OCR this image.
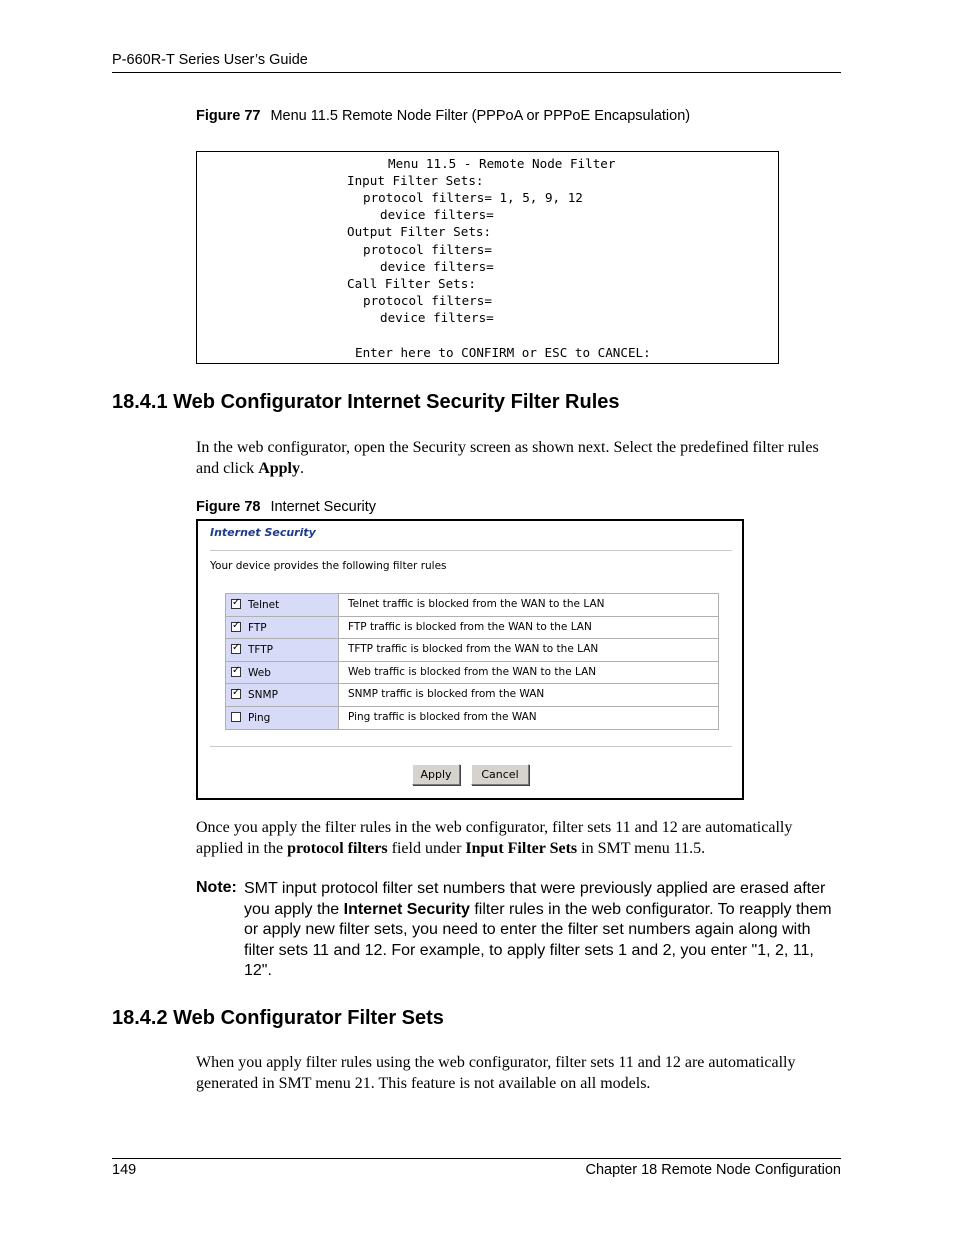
P-660R-T Series User’s Guide
Figure 77 Menu 11.5 Remote Node Filter (PPPoA or PPPoE Encapsulation)
Menu 11.5 - Remote Node Filter
Input Filter Sets:
protocol filters= 1, 5, 9, 12
device filters=
Output Filter Sets:
protocol filters=
device filters=
Call Filter Sets:
protocol filters=
device filters=
Enter here to CONFIRM or ESC to CANCEL:
18.4.1 Web Configurator Internet Security Filter Rules
In the web configurator, open the Security screen as shown next. Select the predefined filter rules and click Apply.
Figure 78 Internet Security
Internet Security
Your device provides the following filter rules
✓ Telnet	Telnet traffic is blocked from the WAN to the LAN
✓ FTP	FTP traffic is blocked from the WAN to the LAN
✓ TFTP	TFTP traffic is blocked from the WAN to the LAN
✓ Web	Web traffic is blocked from the WAN to the LAN
✓ SNMP	SNMP traffic is blocked from the WAN
Ping	Ping traffic is blocked from the WAN
Apply	Cancel
Once you apply the filter rules in the web configurator, filter sets 11 and 12 are automatically applied in the protocol filters field under Input Filter Sets in SMT menu 11.5.
Note: SMT input protocol filter set numbers that were previously applied are erased after you apply the Internet Security filter rules in the web configurator. To reapply them or apply new filter sets, you need to enter the filter set numbers again along with filter sets 11 and 12. For example, to apply filter sets 1 and 2, you enter "1, 2, 11, 12".
18.4.2 Web Configurator Filter Sets
When you apply filter rules using the web configurator, filter sets 11 and 12 are automatically generated in SMT menu 21. This feature is not available on all models.
149	Chapter 18 Remote Node Configuration
